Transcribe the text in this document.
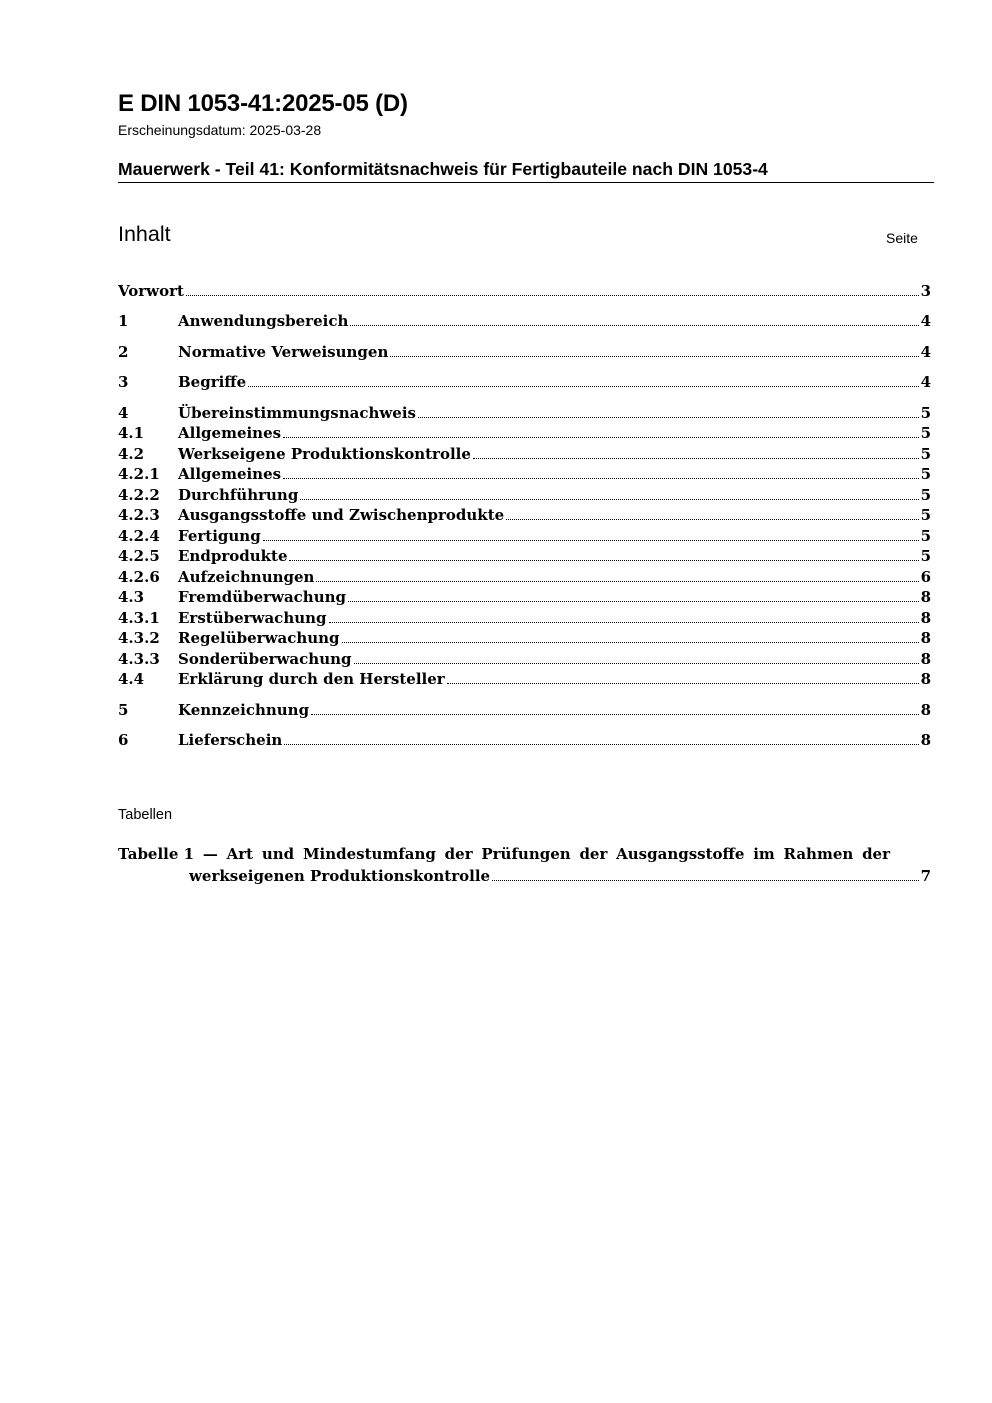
E DIN 1053-41:2025-05 (D)
Erscheinungsdatum: 2025-03-28
Mauerwerk - Teil 41: Konformitätsnachweis für Fertigbauteile nach DIN 1053-4
Inhalt	Seite
Vorwort	3
1	Anwendungsbereich	4
2	Normative Verweisungen	4
3	Begriffe	4
4	Übereinstimmungsnachweis	5
4.1	Allgemeines	5
4.2	Werkseigene Produktionskontrolle	5
4.2.1	Allgemeines	5
4.2.2	Durchführung	5
4.2.3	Ausgangsstoffe und Zwischenprodukte	5
4.2.4	Fertigung	5
4.2.5	Endprodukte	5
4.2.6	Aufzeichnungen	6
4.3	Fremdüberwachung	8
4.3.1	Erstüberwachung	8
4.3.2	Regelüberwachung	8
4.3.3	Sonderüberwachung	8
4.4	Erklärung durch den Hersteller	8
5	Kennzeichnung	8
6	Lieferschein	8
Tabellen
Tabelle 1 — Art und Mindestumfang der Prüfungen der Ausgangsstoffe im Rahmen der
werkseigenen Produktionskontrolle	7
